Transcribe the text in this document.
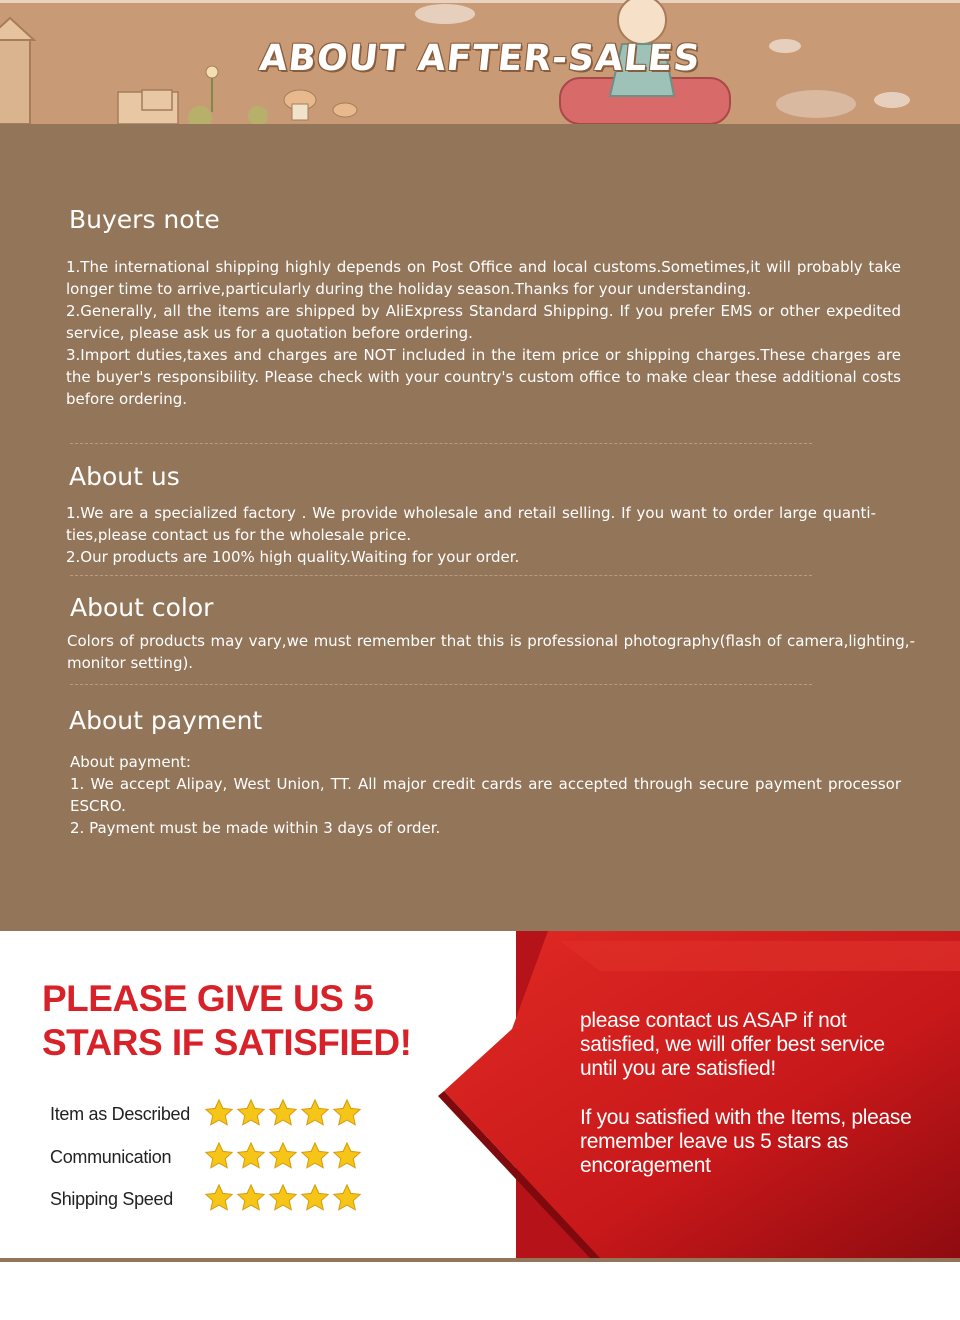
ABOUT AFTER-SALES
Buyers note

1.The international shipping highly depends on Post Office and local customs.Sometimes,it will probably take longer time to arrive,particularly during the holiday season.Thanks for your understanding.

2.Generally, all the items are shipped by AliExpress Standard Shipping. If you prefer EMS or other expedited service, please ask us for a quotation before ordering.

3.Import duties,taxes and charges are NOT included in the item price or shipping charges.These charges are the buyer's responsibility. Please check with your country's custom office to make clear these additional costs before ordering.

About us

1.We are a specialized factory . We provide wholesale and retail selling. If you want to order large quanti-ties,please contact us for the wholesale price.

2.Our products are 100% high quality.Waiting for your order.

About color

Colors of products may vary,we must remember that this is professional photography(flash of camera,lighting,-monitor setting).

About payment

About payment:

1. We accept Alipay, West Union, TT. All major credit cards are accepted through secure payment processor ESCRO.

2. Payment must be made within 3 days of order.

PLEASE GIVE US 5
STARS IF SATISFIED!
Item as Described
Communication
Shipping Speed
please contact us ASAP if not
satisfied, we will offer best service
until you are satisfied!
If you satisfied with the Items, please
remember leave us 5 stars as
encoragement
